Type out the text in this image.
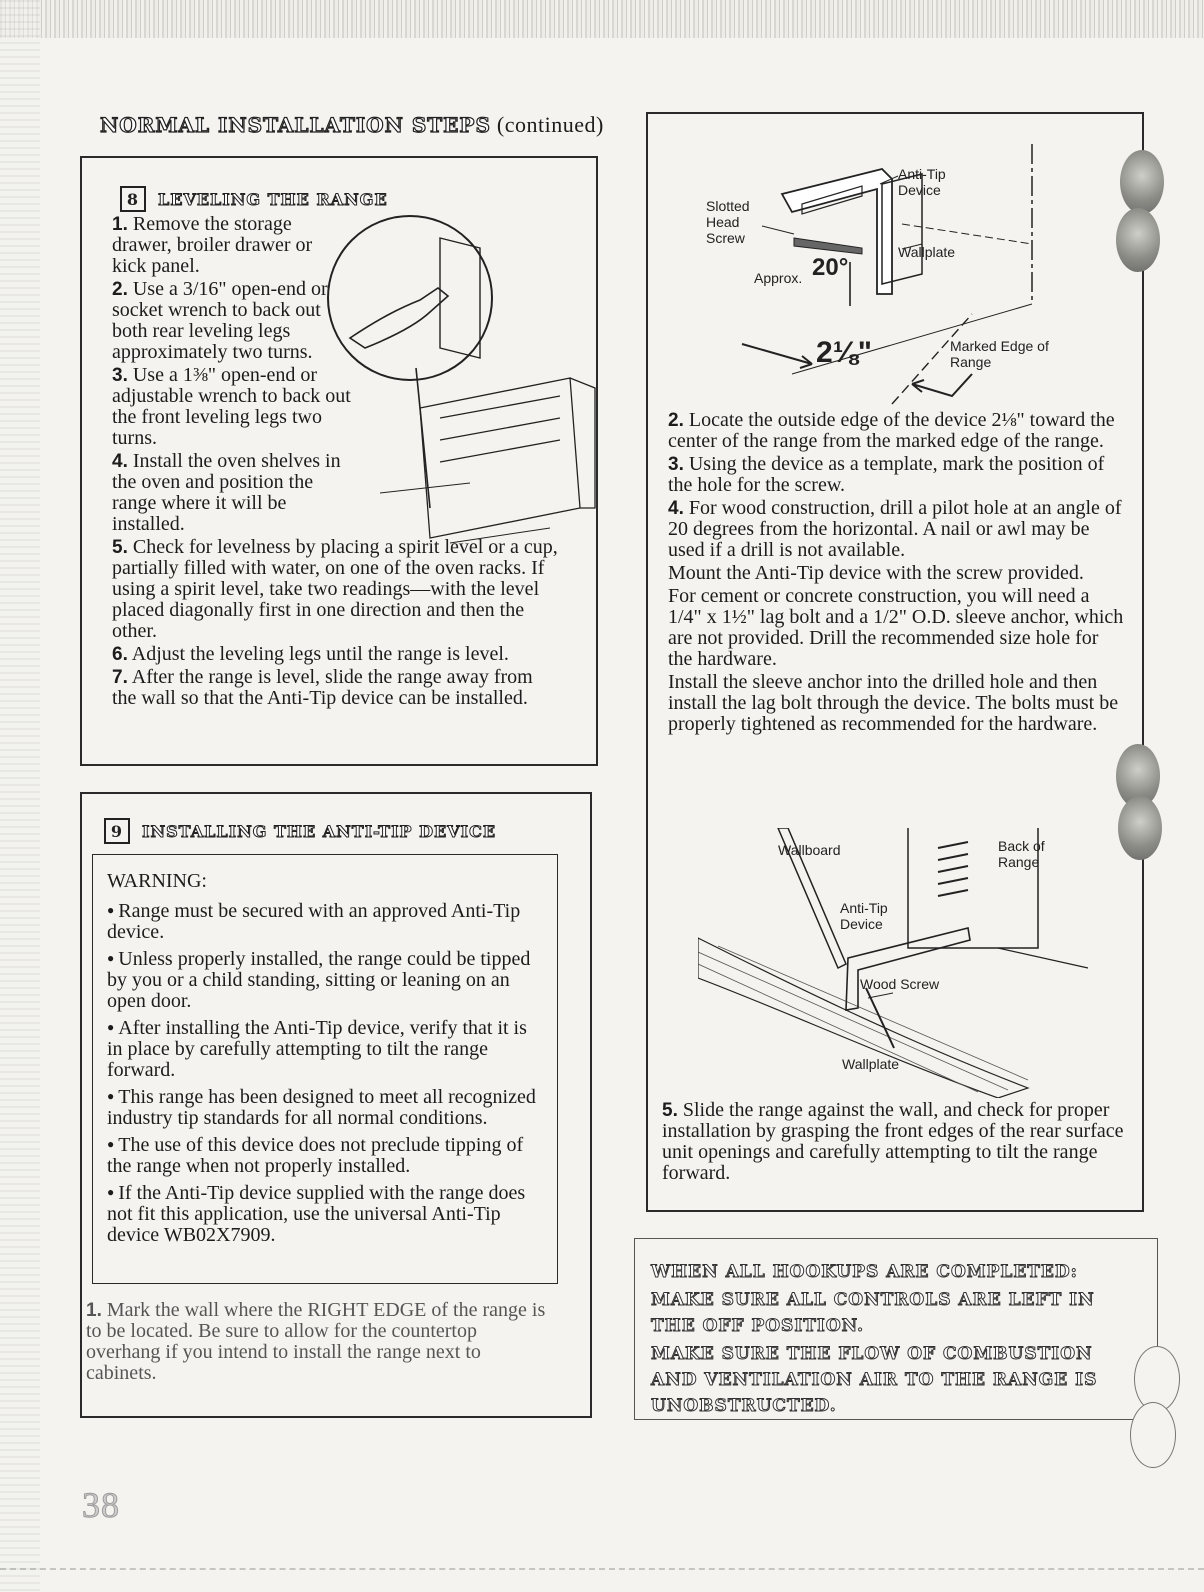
NORMAL INSTALLATION STEPS (continued)
8	LEVELING THE RANGE

1. Remove the storage drawer, broiler drawer or kick panel.

2. Use a 3/16" open-end or socket wrench to back out both rear leveling legs approximately two turns.

3. Use a 1⅜" open-end or adjustable wrench to back out the front leveling legs two turns.

4. Install the oven shelves in the oven and position the range where it will be installed.

5. Check for levelness by placing a spirit level or a cup, partially filled with water, on one of the oven racks. If using a spirit level, take two readings—with the level placed diagonally first in one direction and then the other.

6. Adjust the leveling legs until the range is level.

7. After the range is level, slide the range away from the wall so that the Anti-Tip device can be installed.

9	INSTALLING THE ANTI-TIP DEVICE

WARNING:

● Range must be secured with an approved Anti-Tip device.

● Unless properly installed, the range could be tipped by you or a child standing, sitting or leaning on an open door.

● After installing the Anti-Tip device, verify that it is in place by carefully attempting to tilt the range forward.

● This range has been designed to meet all recognized industry tip standards for all normal conditions.

● The use of this device does not preclude tipping of the range when not properly installed.

● If the Anti-Tip device supplied with the range does not fit this application, use the universal Anti-Tip device WB02X7909.

1. Mark the wall where the RIGHT EDGE of the range is to be located. Be sure to allow for the countertop overhang if you intend to install the range next to cabinets.

Anti-Tip Device
Slotted Head Screw
Wallplate
Approx. 20°
2⅛"	Marked Edge of Range

2. Locate the outside edge of the device 2⅛" toward the center of the range from the marked edge of the range.

3. Using the device as a template, mark the position of the hole for the screw.

4. For wood construction, drill a pilot hole at an angle of 20 degrees from the horizontal. A nail or awl may be used if a drill is not available.

Mount the Anti-Tip device with the screw provided.

For cement or concrete construction, you will need a 1/4" x 1½" lag bolt and a 1/2" O.D. sleeve anchor, which are not provided. Drill the recommended size hole for the hardware.

Install the sleeve anchor into the drilled hole and then install the lag bolt through the device. The bolts must be properly tightened as recommended for the hardware.

Wallboard	Back of Range
Anti-Tip Device
Wood Screw
Wallplate

5. Slide the range against the wall, and check for proper installation by grasping the front edges of the rear surface unit openings and carefully attempting to tilt the range forward.

WHEN ALL HOOKUPS ARE COMPLETED:

MAKE SURE ALL CONTROLS ARE LEFT IN THE OFF POSITION.

MAKE SURE THE FLOW OF COMBUSTION AND VENTILATION AIR TO THE RANGE IS UNOBSTRUCTED.

38
